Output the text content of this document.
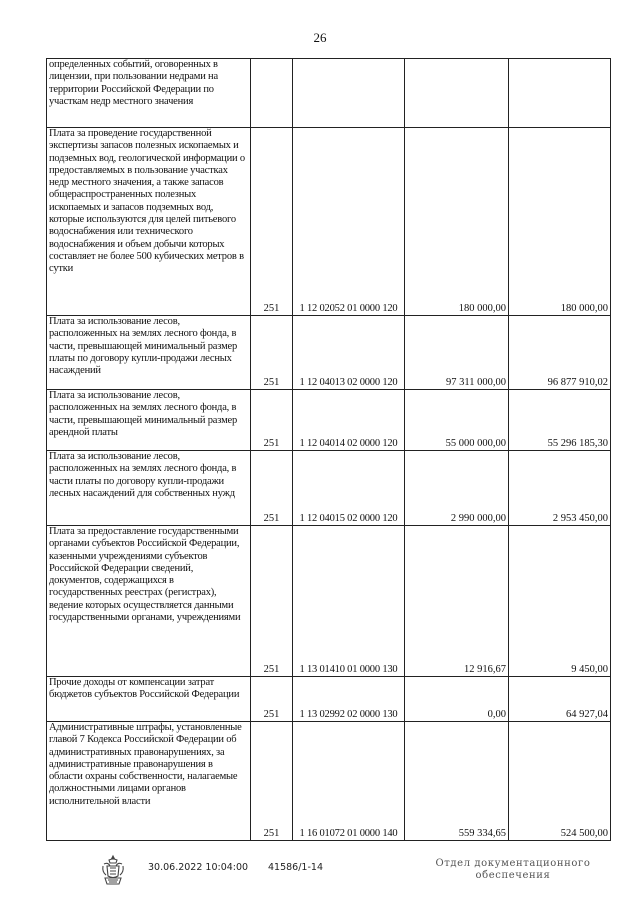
26
определенных событий, оговоренных в лицензии, при пользовании недрами на территории Российской Федерации по участкам недр местного значения				
Плата за проведение государственной экспертизы запасов полезных ископаемых и подземных вод, геологической информации о предоставляемых в пользование участках недр местного значения, а также запасов общераспространенных полезных ископаемых и запасов подземных вод, которые используются для целей питьевого водоснабжения или технического водоснабжения и объем добычи которых составляет не более 500 кубических метров в сутки	251	1 12 02052 01 0000 120	180 000,00	180 000,00
Плата за использование лесов, расположенных на землях лесного фонда, в части, превышающей минимальный размер платы по договору купли-продажи лесных насаждений	251	1 12 04013 02 0000 120	97 311 000,00	96 877 910,02
Плата за использование лесов, расположенных на землях лесного фонда, в части, превышающей минимальный размер арендной платы	251	1 12 04014 02 0000 120	55 000 000,00	55 296 185,30
Плата за использование лесов, расположенных на землях лесного фонда, в части платы по договору купли-продажи лесных насаждений для собственных нужд	251	1 12 04015 02 0000 120	2 990 000,00	2 953 450,00
Плата за предоставление государственными органами субъектов Российской Федерации, казенными учреждениями субъектов Российской Федерации сведений, документов, содержащихся в государственных реестрах (регистрах), ведение которых осуществляется данными государственными органами, учреждениями	251	1 13 01410 01 0000 130	12 916,67	9 450,00
Прочие доходы от компенсации затрат бюджетов субъектов Российской Федерации	251	1 13 02992 02 0000 130	0,00	64 927,04
Административные штрафы, установленные главой 7 Кодекса Российской Федерации об административных правонарушениях, за административные правонарушения в области охраны собственности, налагаемые должностными лицами органов исполнительной власти	251	1 16 01072 01 0000 140	559 334,65	524 500,00
30.06.2022 10:04:00 41586/1-14	Отдел документационного
обеспечения
